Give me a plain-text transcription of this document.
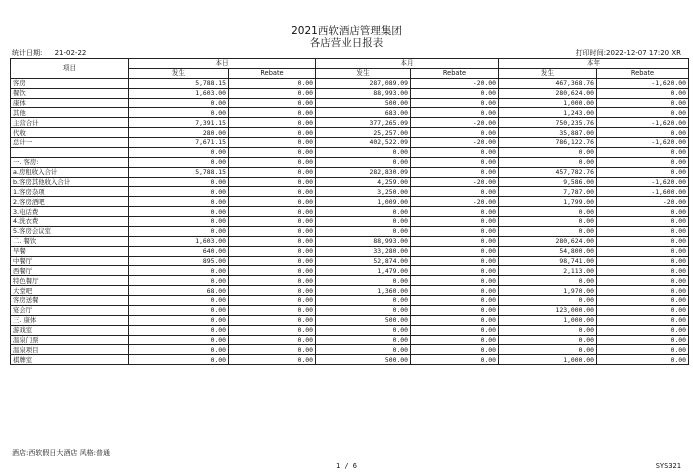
2021西软酒店管理集团
各店营业日报表
统计日期: 21-02-22	打印时间:2022-12-07 17:20 XR
项目	本日		本月		本年	
	发生	Rebate	发生	Rebate	发生	Rebate
客房	5,788.15	0.00	287,089.09	-20.00	467,368.76	-1,620.00
餐饮	1,603.00	0.00	88,993.00	0.00	280,624.00	0.00
康体	0.00	0.00	500.00	0.00	1,000.00	0.00
其他	0.00	0.00	683.00	0.00	1,243.00	0.00
主营合计	7,391.15	0.00	377,265.09	-20.00	750,235.76	-1,620.00
代收	280.00	0.00	25,257.00	0.00	35,887.00	0.00
总计一	7,671.15	0.00	402,522.09	-20.00	786,122.76	-1,620.00
	0.00	0.00	0.00	0.00	0.00	0.00
一. 客房:	0.00	0.00	0.00	0.00	0.00	0.00
a.房租收入合计	5,788.15	0.00	282,830.09	0.00	457,782.76	0.00
b.客房其他收入合计	0.00	0.00	4,259.00	-20.00	9,586.00	-1,620.00
1.客房杂项	0.00	0.00	3,250.00	0.00	7,787.00	-1,600.00
2.客房酒吧	0.00	0.00	1,009.00	-20.00	1,799.00	-20.00
3.电话费	0.00	0.00	0.00	0.00	0.00	0.00
4.洗衣费	0.00	0.00	0.00	0.00	0.00	0.00
5.客房会议室	0.00	0.00	0.00	0.00	0.00	0.00
二. 餐饮	1,603.00	0.00	88,993.00	0.00	280,624.00	0.00
早餐	640.00	0.00	33,280.00	0.00	54,800.00	0.00
中餐厅	895.00	0.00	52,874.00	0.00	98,741.00	0.00
西餐厅	0.00	0.00	1,479.00	0.00	2,113.00	0.00
特色餐厅	0.00	0.00	0.00	0.00	0.00	0.00
大堂吧	68.00	0.00	1,360.00	0.00	1,970.00	0.00
客房送餐	0.00	0.00	0.00	0.00	0.00	0.00
宴会厅	0.00	0.00	0.00	0.00	123,000.00	0.00
三. 康体	0.00	0.00	500.00	0.00	1,000.00	0.00
游戏室	0.00	0.00	0.00	0.00	0.00	0.00
温泉门票	0.00	0.00	0.00	0.00	0.00	0.00
温泉项目	0.00	0.00	0.00	0.00	0.00	0.00
棋牌室	0.00	0.00	500.00	0.00	1,000.00	0.00
酒店:西软假日大酒店 风格:普通
1 / 6	SYS321
